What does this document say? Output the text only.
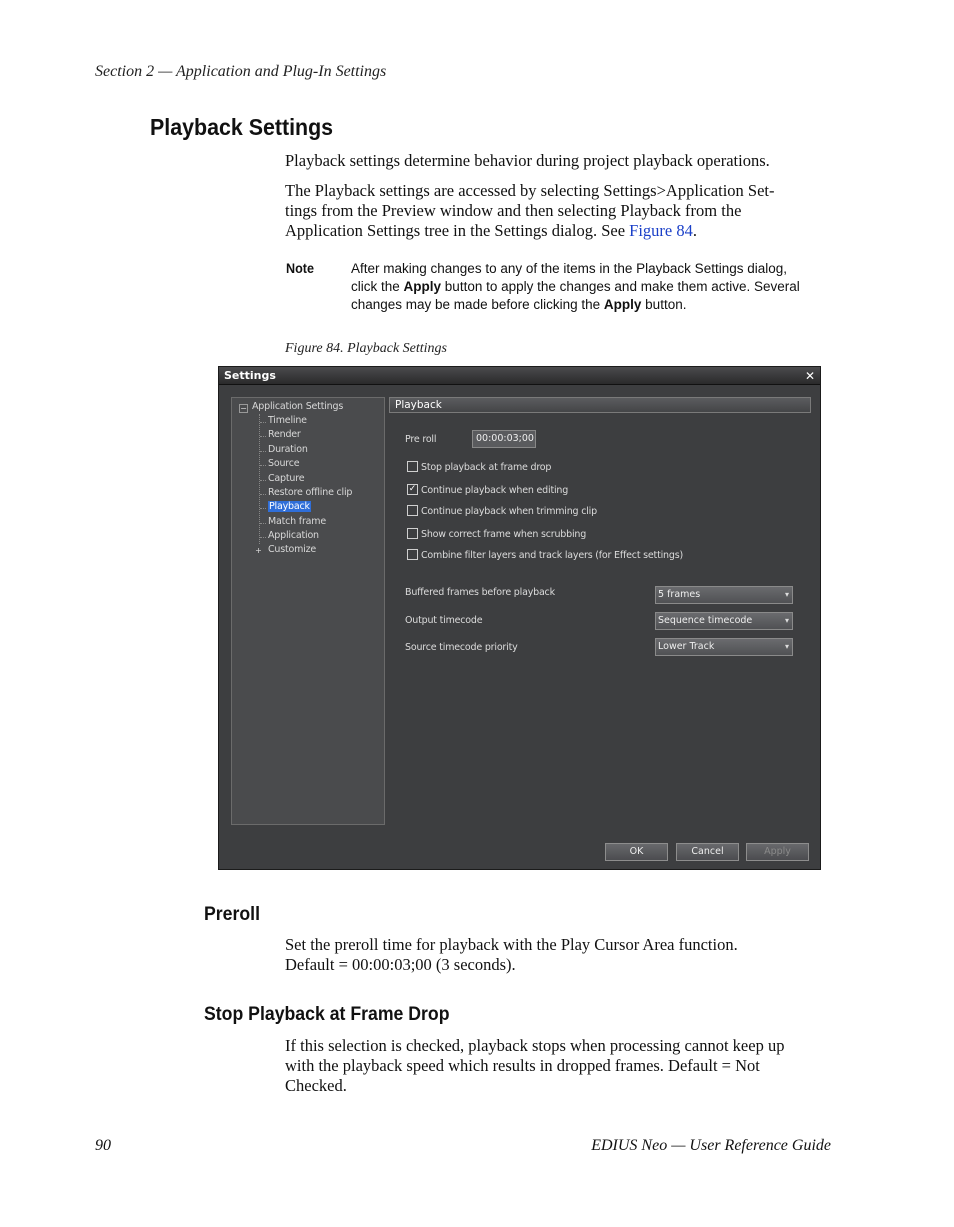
Section 2 — Application and Plug-In Settings
Playback Settings

Playback settings determine behavior during project playback operations.

The Playback settings are accessed by selecting Settings>Application Set-

tings from the Preview window and then selecting Playback from the

Application Settings tree in the Settings dialog. See Figure 84.

Note	After making changes to any of the items in the Playback Settings dialog,
click the Apply button to apply the changes and make them active. Several
changes may be made before clicking the Apply button.
Figure 84. Playback Settings
Settings	✕
− Application Settings
Timeline
Render
Duration
Source
Capture
Restore offline clip
Playback
Match frame
Application
+ Customize
Playback
Pre roll	00:00:03;00
Stop playback at frame drop
✓ Continue playback when editing
Continue playback when trimming clip
Show correct frame when scrubbing
Combine filter layers and track layers (for Effect settings)
Buffered frames before playback	5 frames	▾
Output timecode	Sequence timecode	▾
Source timecode priority	Lower Track	▾
OK	Cancel	Apply
Preroll

Set the preroll time for playback with the Play Cursor Area function.

Default = 00:00:03;00 (3 seconds).

Stop Playback at Frame Drop

If this selection is checked, playback stops when processing cannot keep up

with the playback speed which results in dropped frames. Default = Not

Checked.

90	EDIUS Neo — User Reference Guide
